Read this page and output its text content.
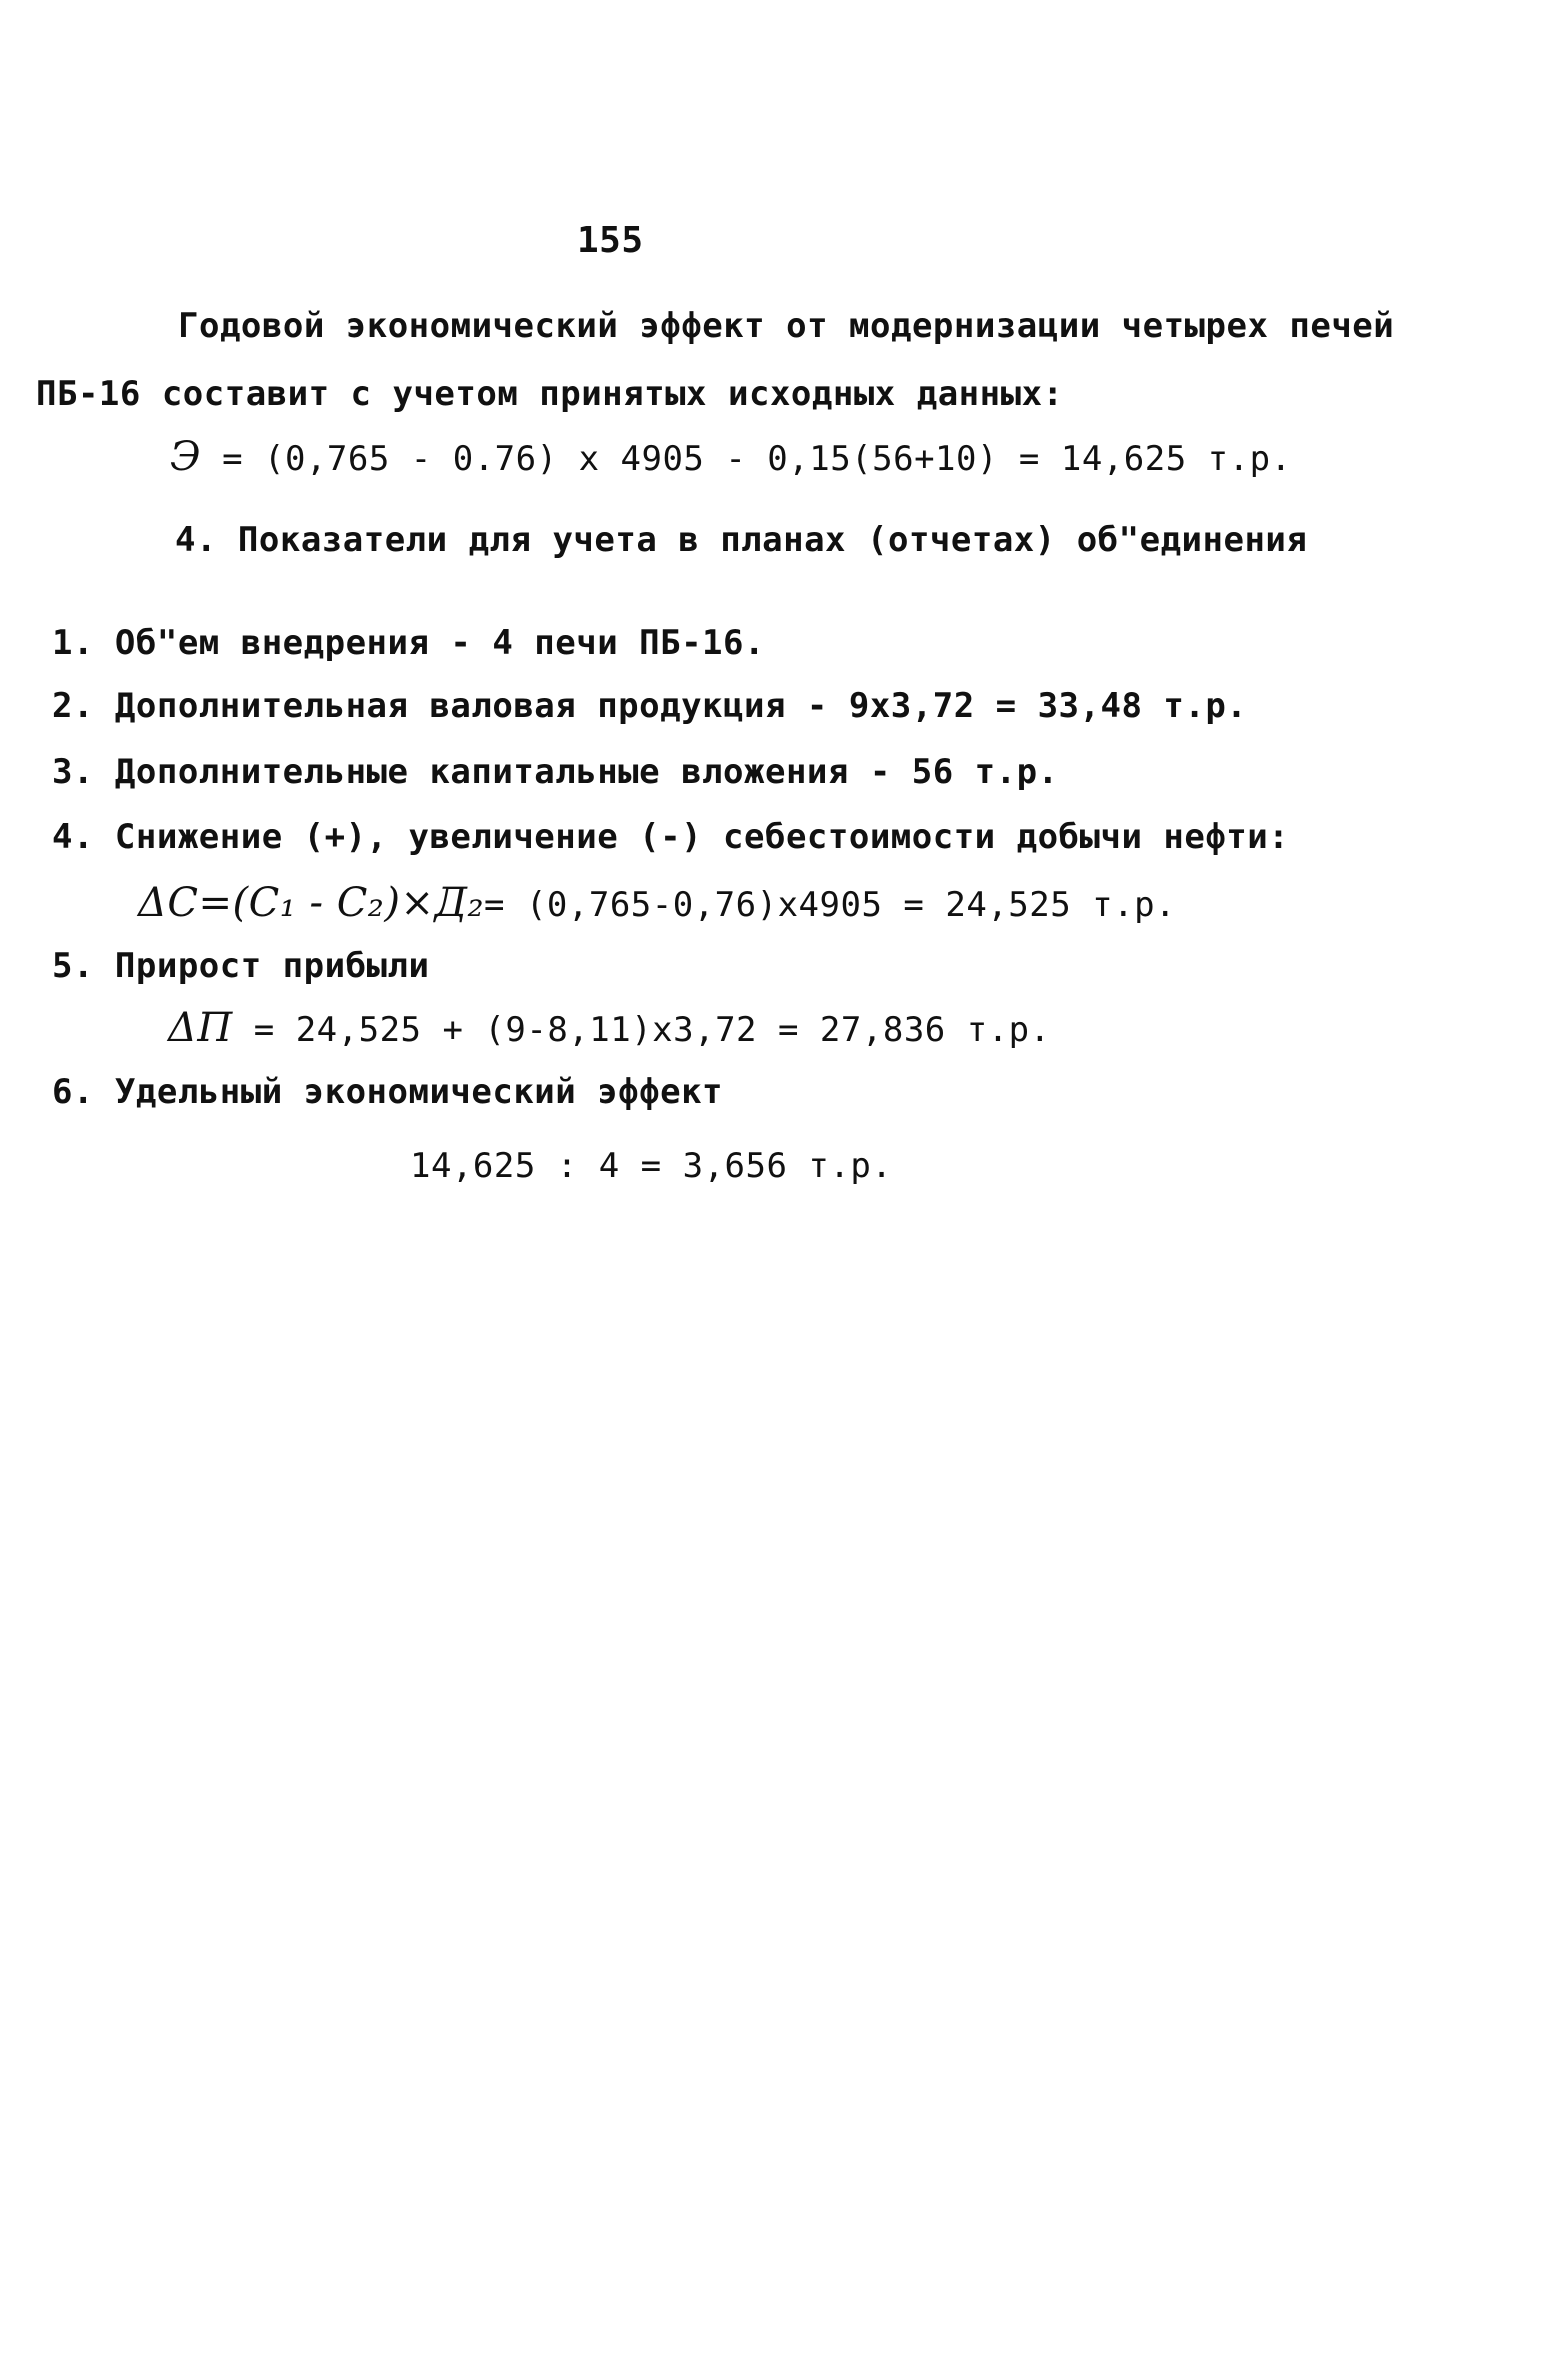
155
Годовой экономический эффект от модернизации четырех печей
ПБ-16 составит с учетом принятых исходных данных:
Э = (0,765 - 0.76) x 4905 - 0,15(56+10) = 14,625 т.р.
4. Показатели для учета в планах (отчетах) об"единения
1. Об"ем внедрения - 4 печи ПБ-16.
2. Дополнительная валовая продукция - 9x3,72 = 33,48 т.р.
3. Дополнительные капитальные вложения - 56 т.р.
4. Снижение (+), увеличение (-) себестоимости добычи нефти:
ΔC=(C₁ - C₂)×Д₂= (0,765-0,76)x4905 = 24,525 т.р.
5. Прирост прибыли
ΔП = 24,525 + (9-8,11)x3,72 = 27,836 т.р.
6. Удельный экономический эффект
14,625 : 4 = 3,656 т.р.
